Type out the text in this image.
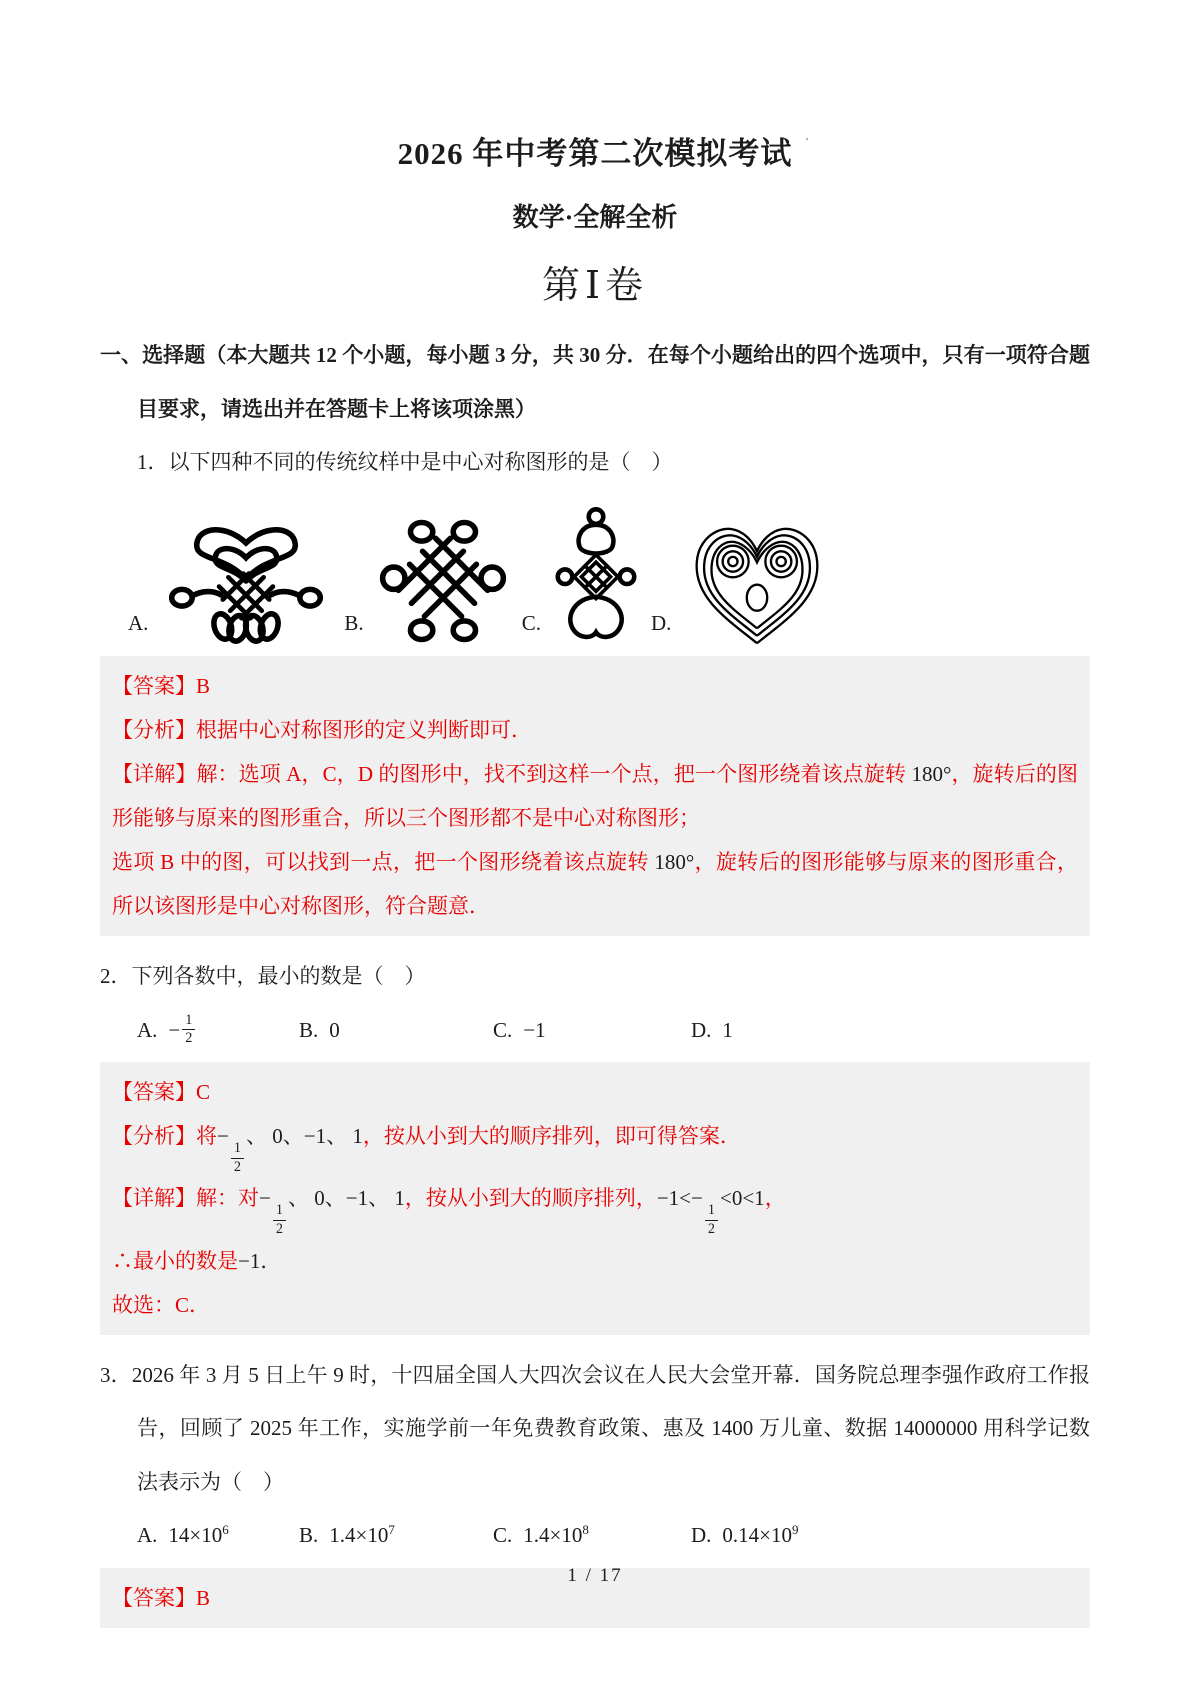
'
2026 年中考第二次模拟考试
数学·全解全析
第Ⅰ卷

一、选择题（本大题共 12 个小题，每小题 3 分，共 30 分．在每个小题给出的四个选项中，只有一项符合题目要求，请选出并在答题卡上将该项涂黑）

1．以下四种不同的传统纹样中是中心对称图形的是（　）

A.	B.	C.	D.

【答案】B

【分析】根据中心对称图形的定义判断即可．

【详解】解：选项 A，C，D 的图形中，找不到这样一个点，把一个图形绕着该点旋转 180°，旋转后的图形能够与原来的图形重合，所以三个图形都不是中心对称图形；

选项 B 中的图，可以找到一点，把一个图形绕着该点旋转 180°，旋转后的图形能够与原来的图形重合，所以该图形是中心对称图形，符合题意．

2．下列各数中，最小的数是（　）

A. − $\frac{1}{2}$	B. 0	C. −1	D. 1

【答案】C

【分析】将−
$\frac{1}{2}$
、 0、−1、 1，按从小到大的顺序排列，即可得答案．

【详解】解：对−
$\frac{1}{2}$
、 0、−1、 1，按从小到大的顺序排列，−1<−
$\frac{1}{2}$
<0<1，

∴最小的数是−1．

故选：C．

3．2026 年 3 月 5 日上午 9 时，十四届全国人大四次会议在人民大会堂开幕．国务院总理李强作政府工作报告，回顾了 2025 年工作，实施学前一年免费教育政策、惠及 1400 万儿童、数据 14000000 用科学记数法表示为（　）

A. $14\times 10^6$	B. $1.4\times 10^7$	C. $1.4\times 10^8$	D. $0.14\times 10^9$

【答案】B

1 / 17
